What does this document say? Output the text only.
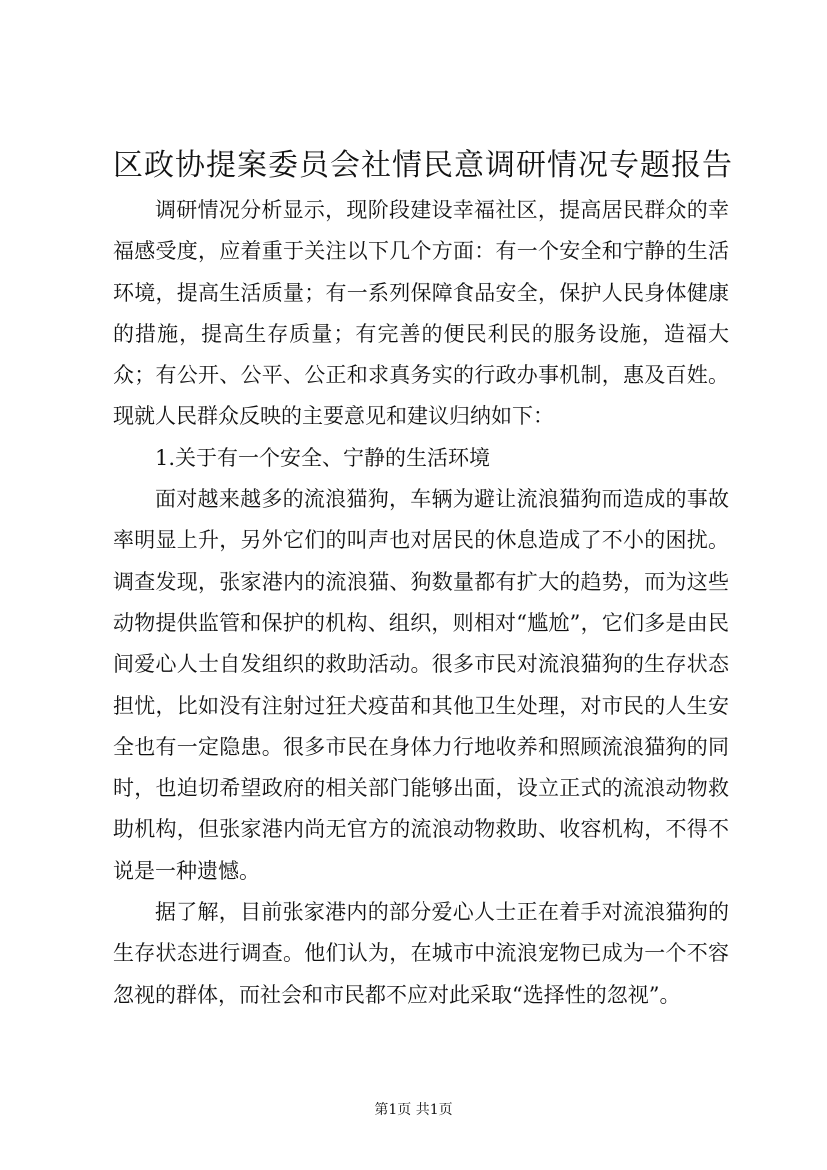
区政协提案委员会社情民意调研情况专题报告

调研情况分析显示，现阶段建设幸福社区，提高居民群众的幸福感受度，应着重于关注以下几个方面：有一个安全和宁静的生活环境，提高生活质量；有一系列保障食品安全，保护人民身体健康的措施，提高生存质量；有完善的便民利民的服务设施，造福大众；有公开、公平、公正和求真务实的行政办事机制，惠及百姓。现就人民群众反映的主要意见和建议归纳如下：

1.关于有一个安全、宁静的生活环境

面对越来越多的流浪猫狗，车辆为避让流浪猫狗而造成的事故率明显上升，另外它们的叫声也对居民的休息造成了不小的困扰。调查发现，张家港内的流浪猫、狗数量都有扩大的趋势，而为这些动物提供监管和保护的机构、组织，则相对“尴尬”，它们多是由民间爱心人士自发组织的救助活动。很多市民对流浪猫狗的生存状态担忧，比如没有注射过狂犬疫苗和其他卫生处理，对市民的人生安全也有一定隐患。很多市民在身体力行地收养和照顾流浪猫狗的同时，也迫切希望政府的相关部门能够出面，设立正式的流浪动物救助机构，但张家港内尚无官方的流浪动物救助、收容机构，不得不说是一种遗憾。

据了解，目前张家港内的部分爱心人士正在着手对流浪猫狗的生存状态进行调查。他们认为，在城市中流浪宠物已成为一个不容忽视的群体，而社会和市民都不应对此采取“选择性的忽视”。

第1页 共1页
